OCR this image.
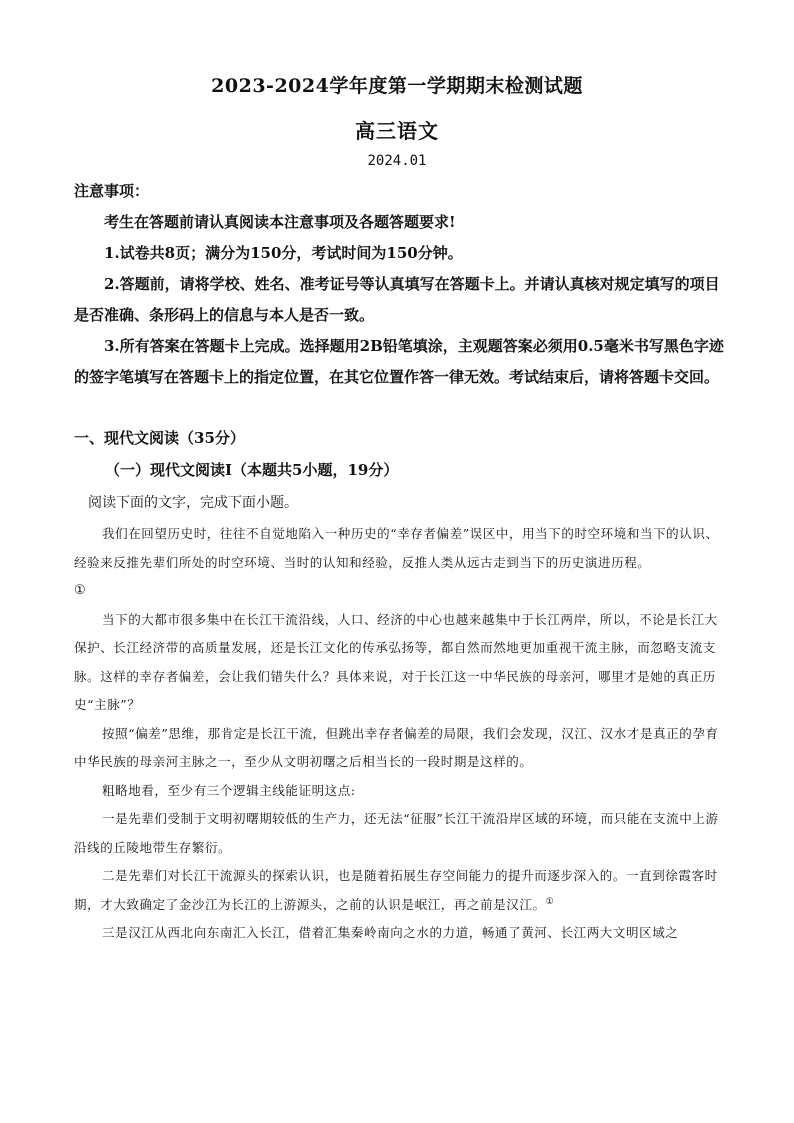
2023-2024学年度第一学期期末检测试题
高三语文
2024.01

注意事项：

考生在答题前请认真阅读本注意事项及各题答题要求!

1.试卷共8页；满分为150分，考试时间为150分钟。

2.答题前，请将学校、姓名、准考证号等认真填写在答题卡上。并请认真核对规定填写的项目是否准确、条形码上的信息与本人是否一致。

3.所有答案在答题卡上完成。选择题用2B铅笔填涂，主观题答案必须用0.5毫米书写黑色字迹的签字笔填写在答题卡上的指定位置，在其它位置作答一律无效。考试结束后，请将答题卡交回。

一、现代文阅读（35分）
（一）现代文阅读Ⅰ（本题共5小题，19分）
阅读下面的文字，完成下面小题。

我们在回望历史时，往往不自觉地陷入一种历史的“幸存者偏差”误区中，用当下的时空环境和当下的认识、经验来反推先辈们所处的时空环境、当时的认知和经验，反推人类从远古走到当下的历史演进历程。

①

当下的大都市很多集中在长江干流沿线，人口、经济的中心也越来越集中于长江两岸，所以，不论是长江大保护、长江经济带的高质量发展，还是长江文化的传承弘扬等，都自然而然地更加重视干流主脉，而忽略支流支脉。这样的幸存者偏差，会让我们错失什么？具体来说，对于长江这一中华民族的母亲河，哪里才是她的真正历史“主脉”？

按照“偏差”思维，那肯定是长江干流，但跳出幸存者偏差的局限，我们会发现，汉江、汉水才是真正的孕育中华民族的母亲河主脉之一，至少从文明初曙之后相当长的一段时期是这样的。

粗略地看，至少有三个逻辑主线能证明这点:

一是先辈们受制于文明初曙期较低的生产力，还无法“征服”长江干流沿岸区域的环境，而只能在支流中上游沿线的丘陵地带生存繁衍。

二是先辈们对长江干流源头的探索认识，也是随着拓展生存空间能力的提升而逐步深入的。一直到徐霞客时期，才大致确定了金沙江为长江的上游源头，之前的认识是岷江，再之前是汉江。①

三是汉江从西北向东南汇入长江，借着汇集秦岭南向之水的力道，畅通了黄河、长江两大文明区域之
